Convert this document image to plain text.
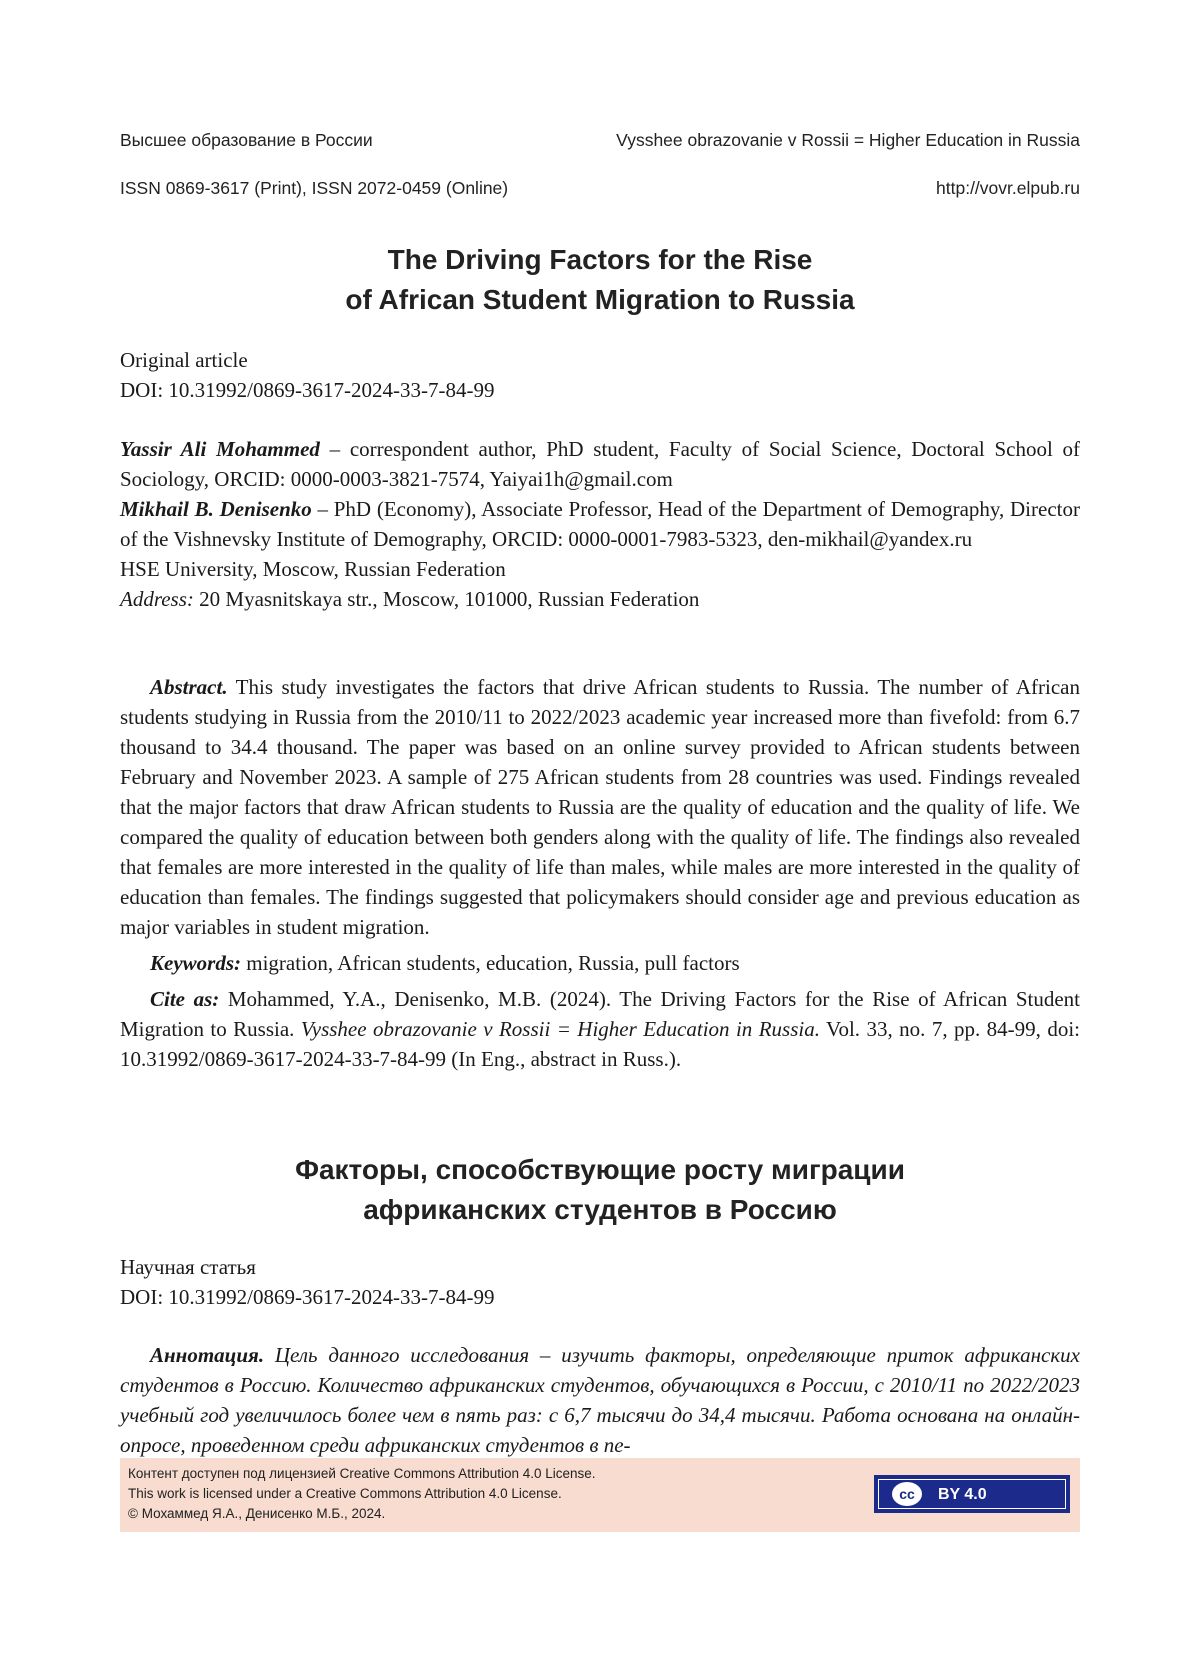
Высшее образование в России	Vysshee obrazovanie v Rossii = Higher Education in Russia
ISSN 0869-3617 (Print), ISSN 2072-0459 (Online)	http://vovr.elpub.ru
The Driving Factors for the Rise
of African Student Migration to Russia
Original article
DOI: 10.31992/0869-3617-2024-33-7-84-99

Yassir Ali Mohammed – correspondent author, PhD student, Faculty of Social Science, Doctoral School of Sociology, ORCID: 0000-0003-3821-7574, Yaiyai1h@gmail.com

Mikhail B. Denisenko – PhD (Economy), Associate Professor, Head of the Department of Demography, Director of the Vishnevsky Institute of Demography, ORCID: 0000-0001-7983-5323, den-mikhail@yandex.ru

HSE University, Moscow, Russian Federation

Address: 20 Myasnitskaya str., Moscow, 101000, Russian Federation

Abstract. This study investigates the factors that drive African students to Russia. The number of African students studying in Russia from the 2010/11 to 2022/2023 academic year increased more than fivefold: from 6.7 thousand to 34.4 thousand. The paper was based on an online survey provided to African students between February and November 2023. A sample of 275 African students from 28 countries was used. Findings revealed that the major factors that draw African students to Russia are the quality of education and the quality of life. We compared the quality of education between both genders along with the quality of life. The findings also revealed that females are more interested in the quality of life than males, while males are more interested in the quality of education than females. The findings suggested that policymakers should consider age and previous education as major variables in student migration.

Keywords: migration, African students, education, Russia, pull factors

Cite as: Mohammed, Y.A., Denisenko, M.B. (2024). The Driving Factors for the Rise of African Student Migration to Russia. Vysshee obrazovanie v Rossii = Higher Education in Russia. Vol. 33, no. 7, pp. 84-99, doi: 10.31992/0869-3617-2024-33-7-84-99 (In Eng., abstract in Russ.).

Факторы, способствующие росту миграции
африканских студентов в Россию
Научная статья
DOI: 10.31992/0869-3617-2024-33-7-84-99

Аннотация. Цель данного исследования – изучить факторы, определяющие приток африканских студентов в Россию. Количество африканских студентов, обучающихся в России, с 2010/11 по 2022/2023 учебный год увеличилось более чем в пять раз: с 6,7 тысячи до 34,4 тысячи. Работа основана на онлайн-опросе, проведенном среди африканских студентов в пе-

Контент доступен под лицензией Creative Commons Attribution 4.0 License.
This work is licensed under a Creative Commons Attribution 4.0 License.
© Мохаммед Я.А., Денисенко М.Б., 2024.
cc	BY 4.0
